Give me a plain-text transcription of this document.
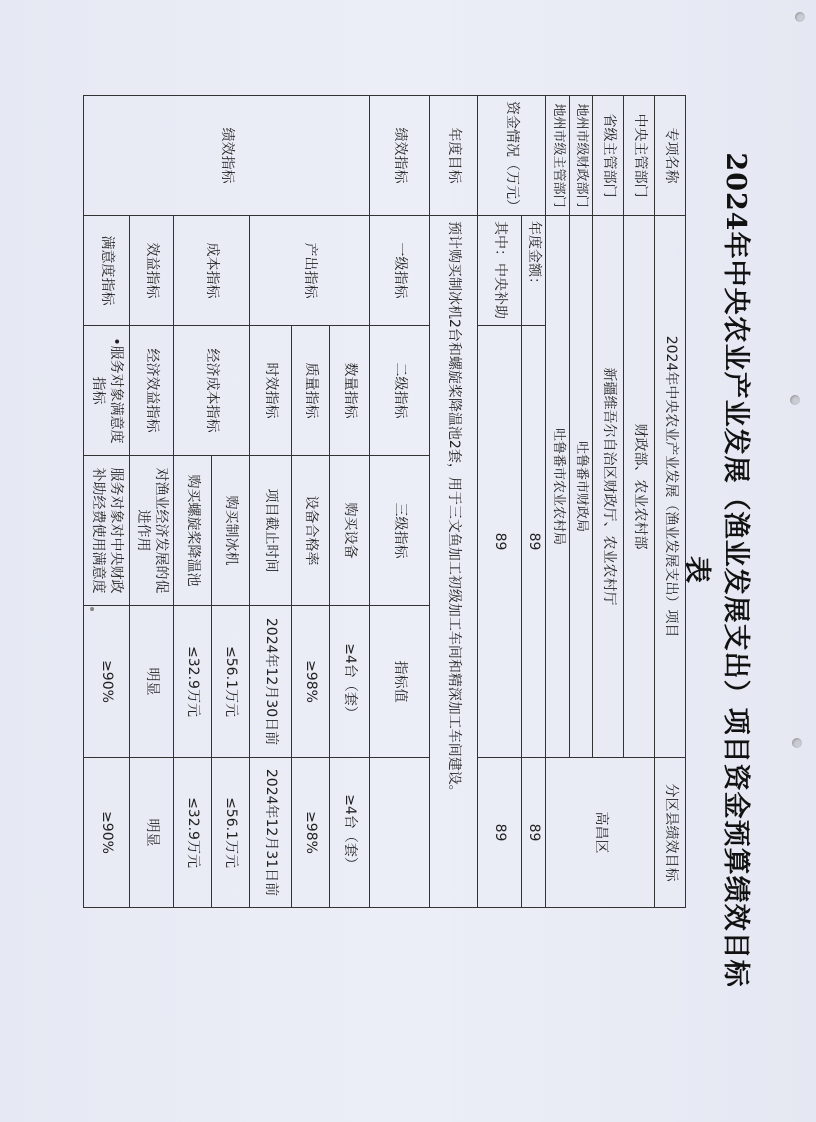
2024年中央农业产业发展（渔业发展支出）项目资金预算绩效目标表
专项名称	2024年中央农业产业发展（渔业发展支出）项目				分区县绩效目标
中央主管部门	财政部、农业农村部				高昌区
省级主管部门	新疆维吾尔自治区财政厅、农业农村厅				
地州市级财政部门	吐鲁番市财政局				
地州市级主管部门	吐鲁番市农业农村局				
资金情况（万元）	年度金额：	89			89
	其中：中央补助	89			89
年度目标	预计购买制冰机2台和螺旋桨降温池2套，用于三文鱼加工初级加工车间和精深加工车间建设。				
绩效指标	一级指标	二级指标	三级指标	指标值	
绩效指标	产出指标	数量指标	购买设备	≥4台（套）	≥4台（套）
		质量指标	设备合格率	≥98%	≥98%
		时效指标	项目截止时间	2024年12月30日前	2024年12月31日前
	成本指标	经济成本指标	购买制冰机	≤56.1万元	≤56.1万元
			购买螺旋桨降温池	≤32.9万元	≤32.9万元
	效益指标	经济效益指标	对渔业经济发展的促进作用	明显	明显
	满意度指标	•服务对象满意度指标	服务对象对中央财政补助经费使用满意度	≥90%	≥90%
